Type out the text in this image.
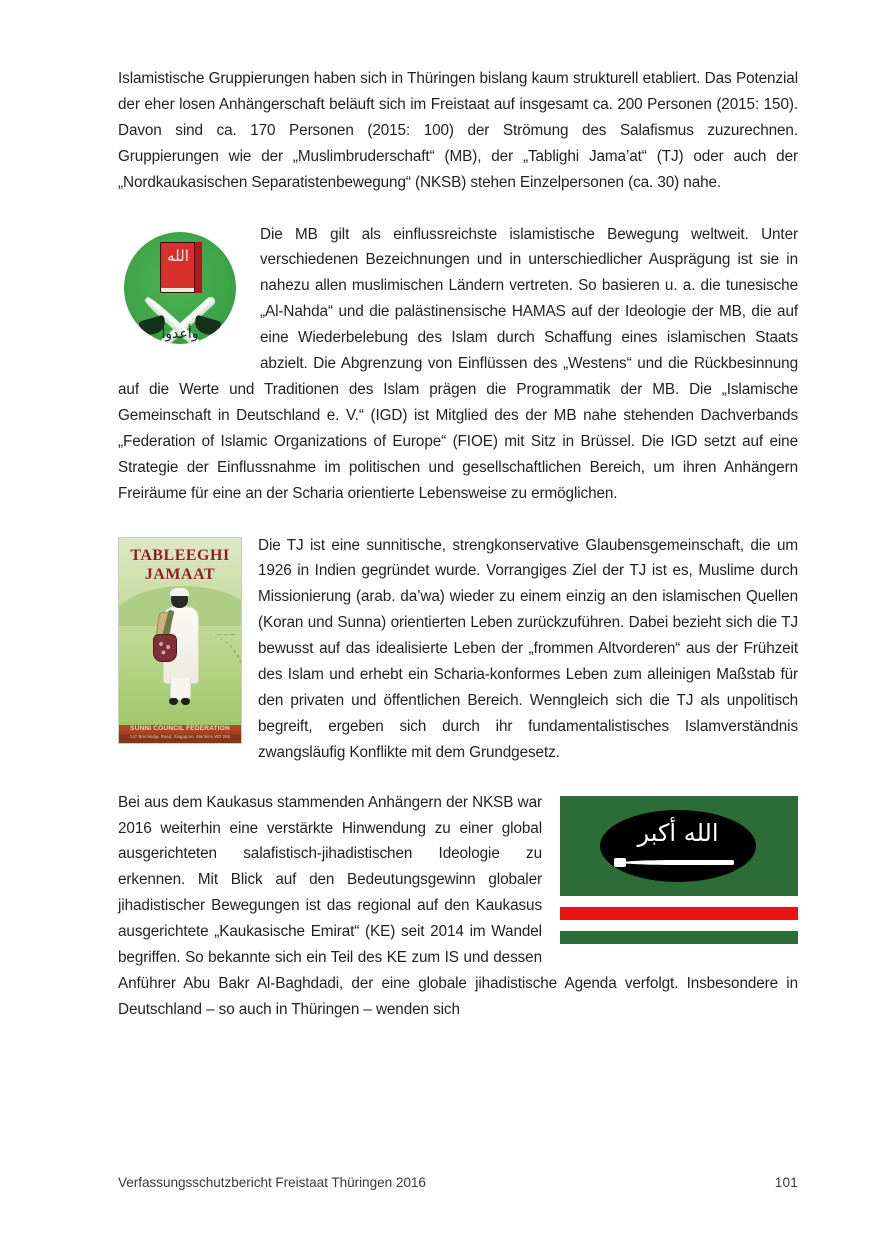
Islamistische Gruppierungen haben sich in Thüringen bislang kaum strukturell etabliert. Das Potenzial der eher losen Anhängerschaft beläuft sich im Freistaat auf insgesamt ca. 200 Personen (2015: 150). Davon sind ca. 170 Personen (2015: 100) der Strömung des Salafismus zuzurechnen. Gruppierungen wie der „Muslimbruderschaft“ (MB), der „Tablighi Jama’at“ (TJ) oder auch der „Nordkaukasischen Separatistenbewegung“ (NKSB) stehen Einzelpersonen (ca. 30) nahe.

الله
وأعدوا

Die MB gilt als einflussreichste islamistische Bewegung weltweit. Unter verschiedenen Bezeichnungen und in unterschiedlicher Ausprägung ist sie in nahezu allen muslimischen Ländern vertreten. So basieren u. a. die tunesische „Al-Nahda“ und die palästinensische HAMAS auf der Ideologie der MB, die auf eine Wiederbelebung des Islam durch Schaffung eines islamischen Staats abzielt. Die Abgrenzung von Einflüssen des „Westens“ und die Rückbesinnung auf die Werte und Traditionen des Islam prägen die Programmatik der MB. Die „Islamische Gemeinschaft in Deutschland e. V.“ (IGD) ist Mitglied des der MB nahe stehenden Dachverbands „Federation of Islamic Organizations of Europe“ (FIOE) mit Sitz in Brüssel. Die IGD setzt auf eine Strategie der Einflussnahme im politischen und gesellschaftlichen Bereich, um ihren Anhängern Freiräume für eine an der Scharia orientierte Lebensweise zu ermöglichen.

TABLEEGHI
JAMAAT
~~~
SUNNI COUNCIL FEDERATION
147 Brentsidge Road, Singapore, Maritime WD 266

Die TJ ist eine sunnitische, strengkonservative Glaubensgemeinschaft, die um 1926 in Indien gegründet wurde. Vorrangiges Ziel der TJ ist es, Muslime durch Missionierung (arab. da’wa) wieder zu einem einzig an den islamischen Quellen (Koran und Sunna) orientierten Leben zurückzuführen. Dabei bezieht sich die TJ bewusst auf das idealisierte Leben der „frommen Altvorderen“ aus der Frühzeit des Islam und erhebt ein Scharia-konformes Leben zum alleinigen Maßstab für den privaten und öffentlichen Bereich. Wenngleich sich die TJ als unpolitisch begreift, ergeben sich durch ihr fundamentalistisches Islamverständnis zwangsläufig Konflikte mit dem Grundgesetz.

الله أكبر

Bei aus dem Kaukasus stammenden Anhängern der NKSB war 2016 weiterhin eine verstärkte Hinwendung zu einer global ausgerichteten salafistisch-jihadistischen Ideologie zu erkennen. Mit Blick auf den Bedeutungsgewinn globaler jihadistischer Bewegungen ist das regional auf den Kaukasus ausgerichtete „Kaukasische Emirat“ (KE) seit 2014 im Wandel begriffen. So bekannte sich ein Teil des KE zum IS und dessen Anführer Abu Bakr Al-Baghdadi, der eine globale jihadistische Agenda verfolgt. Insbesondere in Deutschland – so auch in Thüringen – wenden sich

Verfassungsschutzbericht Freistaat Thüringen 2016	101
